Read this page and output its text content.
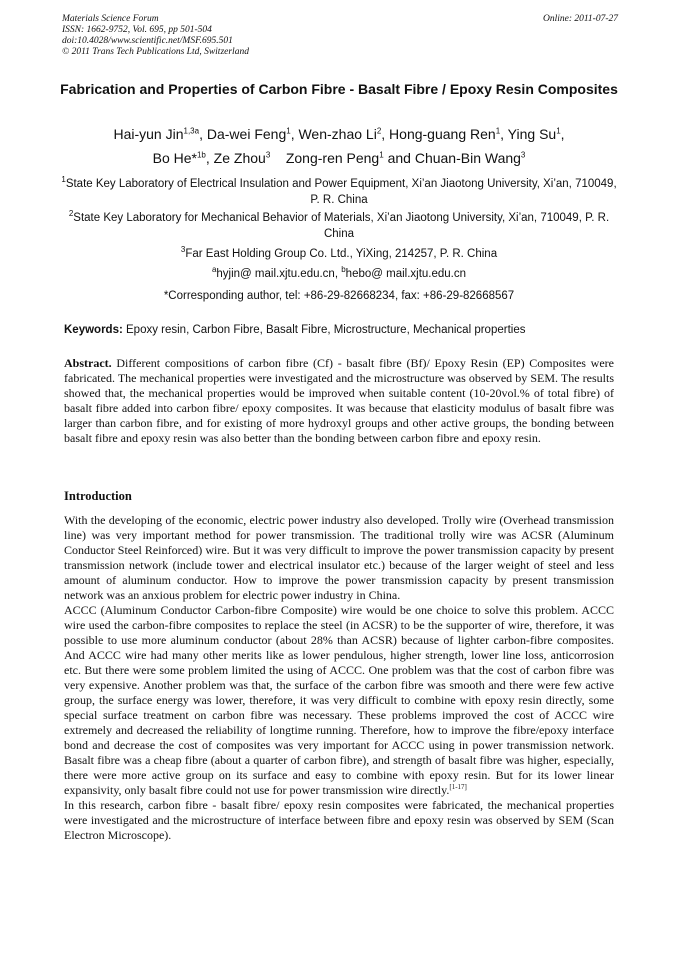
Materials Science Forum
ISSN: 1662-9752, Vol. 695, pp 501-504
doi:10.4028/www.scientific.net/MSF.695.501
© 2011 Trans Tech Publications Ltd, Switzerland
Online: 2011-07-27
Fabrication and Properties of Carbon Fibre - Basalt Fibre / Epoxy Resin Composites
Hai-yun Jin$^{1,3a}$, Da-wei Feng$^1$, Wen-zhao Li$^2$, Hong-guang Ren$^1$, Ying Su$^1$,
Bo He*$^{1b}$, Ze Zhou$^3$ Zong-ren Peng$^1$ and Chuan-Bin Wang$^3$
$^1$State Key Laboratory of Electrical Insulation and Power Equipment, Xi’an Jiaotong University, Xi’an, 710049, P. R. China
$^2$State Key Laboratory for Mechanical Behavior of Materials, Xi’an Jiaotong University, Xi’an, 710049, P. R. China
$^3$Far East Holding Group Co. Ltd., YiXing, 214257, P. R. China
$^a$hyjin@ mail.xjtu.edu.cn, $^b$hebo@ mail.xjtu.edu.cn
*Corresponding author, tel: +86-29-82668234, fax: +86-29-82668567
Keywords: Epoxy resin, Carbon Fibre, Basalt Fibre, Microstructure, Mechanical properties

Abstract. Different compositions of carbon fibre (Cf) - basalt fibre (Bf)/ Epoxy Resin (EP) Composites were fabricated. The mechanical properties were investigated and the microstructure was observed by SEM. The results showed that, the mechanical properties would be improved when suitable content (10-20vol.% of total fibre) of basalt fibre added into carbon fibre/ epoxy composites. It was because that elasticity modulus of basalt fibre was larger than carbon fibre, and for existing of more hydroxyl groups and other active groups, the bonding between basalt fibre and epoxy resin was also better than the bonding between carbon fibre and epoxy resin.

Introduction

With the developing of the economic, electric power industry also developed. Trolly wire (Overhead transmission line) was very important method for power transmission. The traditional trolly wire was ACSR (Aluminum Conductor Steel Reinforced) wire. But it was very difficult to improve the power transmission capacity by present transmission network (include tower and electrical insulator etc.) because of the larger weight of steel and less amount of aluminum conductor. How to improve the power transmission capacity by present transmission network was an anxious problem for electric power industry in China.

ACCC (Aluminum Conductor Carbon-fibre Composite) wire would be one choice to solve this problem. ACCC wire used the carbon-fibre composites to replace the steel (in ACSR) to be the supporter of wire, therefore, it was possible to use more aluminum conductor (about 28% than ACSR) because of lighter carbon-fibre composites. And ACCC wire had many other merits like as lower pendulous, higher strength, lower line loss, anticorrosion etc. But there were some problem limited the using of ACCC. One problem was that the cost of carbon fibre was very expensive. Another problem was that, the surface of the carbon fibre was smooth and there were few active group, the surface energy was lower, therefore, it was very difficult to combine with epoxy resin directly, some special surface treatment on carbon fibre was necessary. These problems improved the cost of ACCC wire extremely and decreased the reliability of longtime running. Therefore, how to improve the fibre/epoxy interface bond and decrease the cost of composites was very important for ACCC using in power transmission network. Basalt fibre was a cheap fibre (about a quarter of carbon fibre), and strength of basalt fibre was higher, especially, there were more active group on its surface and easy to combine with epoxy resin. But for its lower linear expansivity, only basalt fibre could not use for power transmission wire directly.[1-17]

In this research, carbon fibre - basalt fibre/ epoxy resin composites were fabricated, the mechanical properties were investigated and the microstructure of interface between fibre and epoxy resin was observed by SEM (Scan Electron Microscope).
